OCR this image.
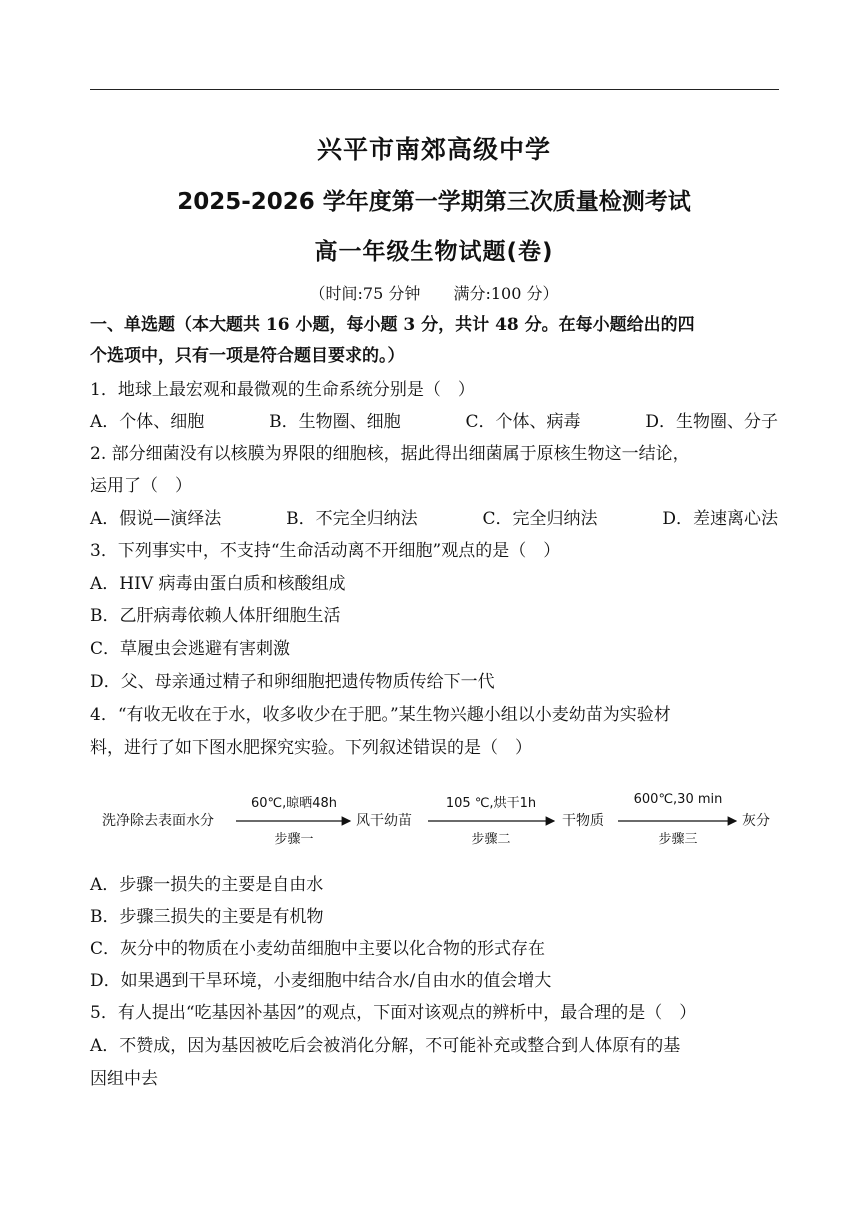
兴平市南郊高级中学
2025-2026 学年度第一学期第三次质量检测考试
高一年级生物试题(卷)
（时间:75 分钟 满分:100 分）
一、单选题（本大题共 16 小题，每小题 3 分，共计 48 分。在每小题给出的四
个选项中，只有一项是符合题目要求的。）
1．地球上最宏观和最微观的生命系统分别是（　）
A．个体、细胞	B．生物圈、细胞	C．个体、病毒	D．生物圈、分子
2. 部分细菌没有以核膜为界限的细胞核，据此得出细菌属于原核生物这一结论，
运用了（　）
A．假说—演绎法	B．不完全归纳法	C．完全归纳法	D．差速离心法
3．下列事实中，不支持“生命活动离不开细胞”观点的是（　）
A．HIV 病毒由蛋白质和核酸组成
B．乙肝病毒依赖人体肝细胞生活
C．草履虫会逃避有害刺激
D．父、母亲通过精子和卵细胞把遗传物质传给下一代
4．“有收无收在于水，收多收少在于肥。”某生物兴趣小组以小麦幼苗为实验材
料，进行了如下图水肥探究实验。下列叙述错误的是（　）
洗净除去表面水分
60℃,晾晒48h
步骤一
风干幼苗
105 ℃,烘干1h
步骤二
干物质
600℃,30 min
步骤三
灰分
A．步骤一损失的主要是自由水
B．步骤三损失的主要是有机物
C．灰分中的物质在小麦幼苗细胞中主要以化合物的形式存在
D．如果遇到干旱环境，小麦细胞中结合水/自由水的值会增大
5．有人提出“吃基因补基因”的观点，下面对该观点的辨析中，最合理的是（　）
A．不赞成，因为基因被吃后会被消化分解，不可能补充或整合到人体原有的基
因组中去
